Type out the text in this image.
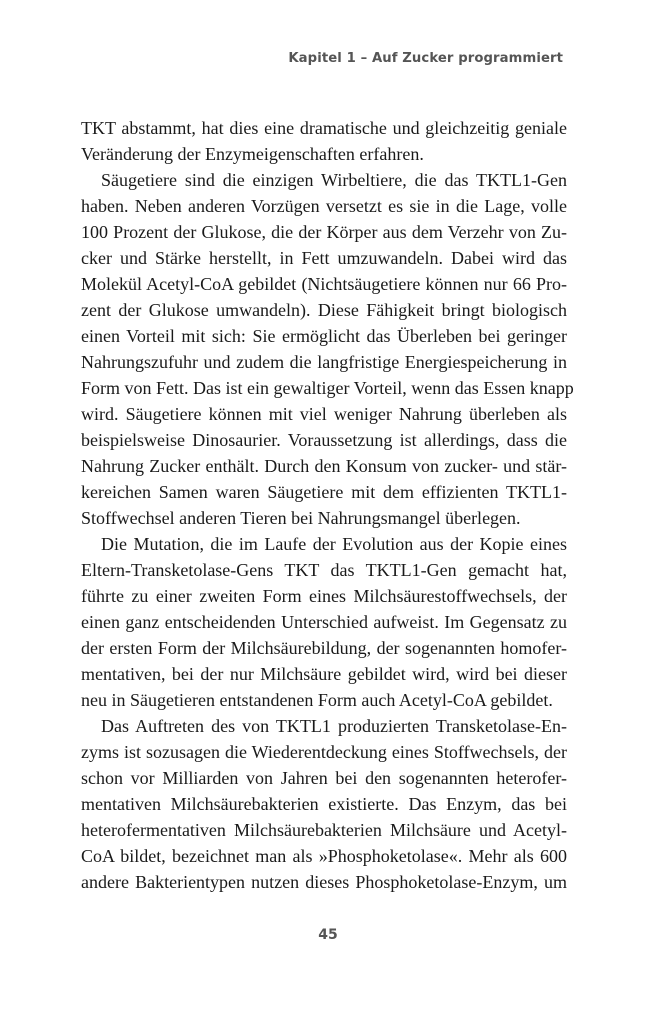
Kapitel 1 – Auf Zucker programmiert
TKT abstammt, hat dies eine dramatische und gleichzeitig geniale
Veränderung der Enzymeigenschaften erfahren.
Säugetiere sind die einzigen Wirbeltiere, die das TKTL1-Gen
haben. Neben anderen Vorzügen versetzt es sie in die Lage, volle
100 Prozent der Glukose, die der Körper aus dem Verzehr von Zu-
cker und Stärke herstellt, in Fett umzuwandeln. Dabei wird das
Molekül Acetyl-CoA gebildet (Nichtsäugetiere können nur 66 Pro-
zent der Glukose umwandeln). Diese Fähigkeit bringt biologisch
einen Vorteil mit sich: Sie ermöglicht das Überleben bei geringer
Nahrungszufuhr und zudem die langfristige Energiespeicherung in
Form von Fett. Das ist ein gewaltiger Vorteil, wenn das Essen knapp
wird. Säugetiere können mit viel weniger Nahrung überleben als
beispielsweise Dinosaurier. Voraussetzung ist allerdings, dass die
Nahrung Zucker enthält. Durch den Konsum von zucker- und stär-
kereichen Samen waren Säugetiere mit dem effizienten TKTL1-
Stoffwechsel anderen Tieren bei Nahrungsmangel überlegen.
Die Mutation, die im Laufe der Evolution aus der Kopie eines
Eltern-Transketolase-Gens TKT das TKTL1-Gen gemacht hat,
führte zu einer zweiten Form eines Milchsäurestoffwechsels, der
einen ganz entscheidenden Unterschied aufweist. Im Gegensatz zu
der ersten Form der Milchsäurebildung, der sogenannten homofer-
mentativen, bei der nur Milchsäure gebildet wird, wird bei dieser
neu in Säugetieren entstandenen Form auch Acetyl-CoA gebildet.
Das Auftreten des von TKTL1 produzierten Transketolase-En-
zyms ist sozusagen die Wiederentdeckung eines Stoffwechsels, der
schon vor Milliarden von Jahren bei den sogenannten heterofer-
mentativen Milchsäurebakterien existierte. Das Enzym, das bei
heterofermentativen Milchsäurebakterien Milchsäure und Acetyl-
CoA bildet, bezeichnet man als »Phosphoketolase«. Mehr als 600
andere Bakterientypen nutzen dieses Phosphoketolase-Enzym, um
45
